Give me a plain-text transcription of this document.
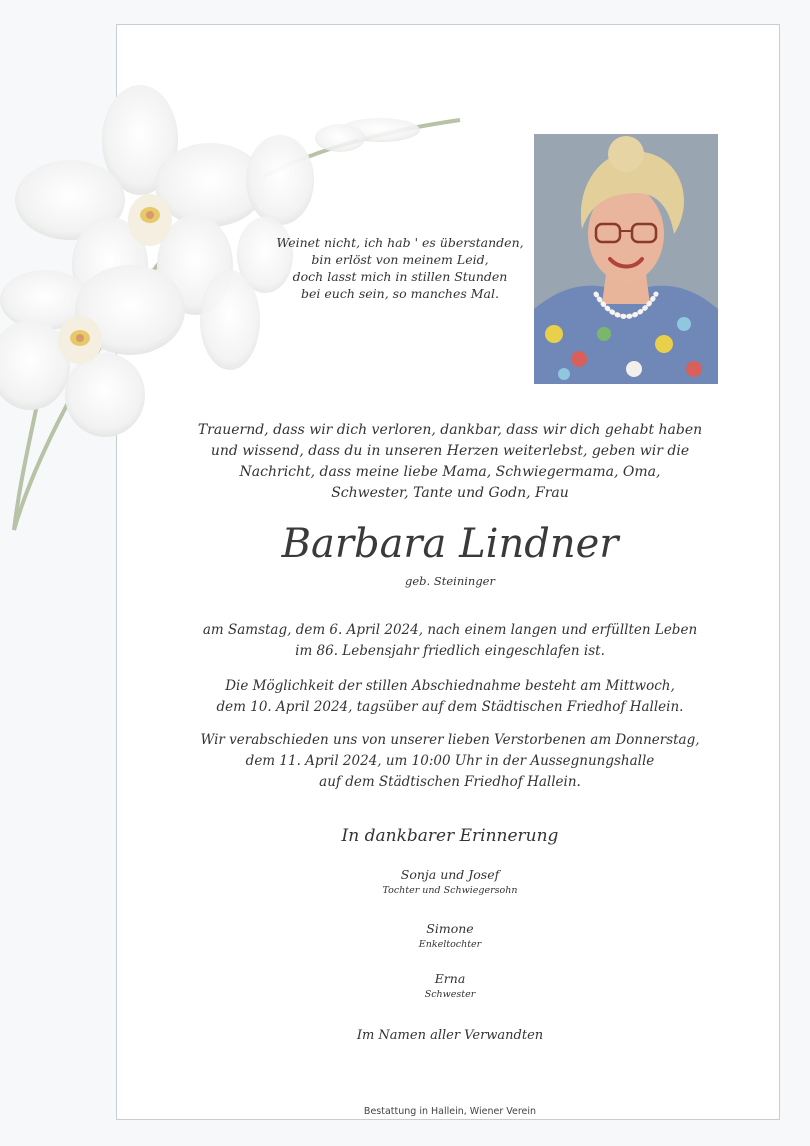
Weinet nicht, ich hab ' es überstanden,
bin erlöst von meinem Leid,
doch lasst mich in stillen Stunden
bei euch sein, so manches Mal.
Trauernd, dass wir dich verloren, dankbar, dass wir dich gehabt haben
und wissend, dass du in unseren Herzen weiterlebst, geben wir die
Nachricht, dass meine liebe Mama, Schwiegermama, Oma,
Schwester, Tante und Godn, Frau
Barbara Lindner
geb. Steininger
am Samstag, dem 6. April 2024, nach einem langen und erfüllten Leben
im 86. Lebensjahr friedlich eingeschlafen ist.
Die Möglichkeit der stillen Abschiednahme besteht am Mittwoch,
dem 10. April 2024, tagsüber auf dem Städtischen Friedhof Hallein.
Wir verabschieden uns von unserer lieben Verstorbenen am Donnerstag,
dem 11. April 2024, um 10:00 Uhr in der Aussegnungshalle
auf dem Städtischen Friedhof Hallein.
In dankbarer Erinnerung
Sonja und Josef
Tochter und Schwiegersohn
Simone
Enkeltochter
Erna
Schwester
Im Namen aller Verwandten
Bestattung in Hallein, Wiener Verein
